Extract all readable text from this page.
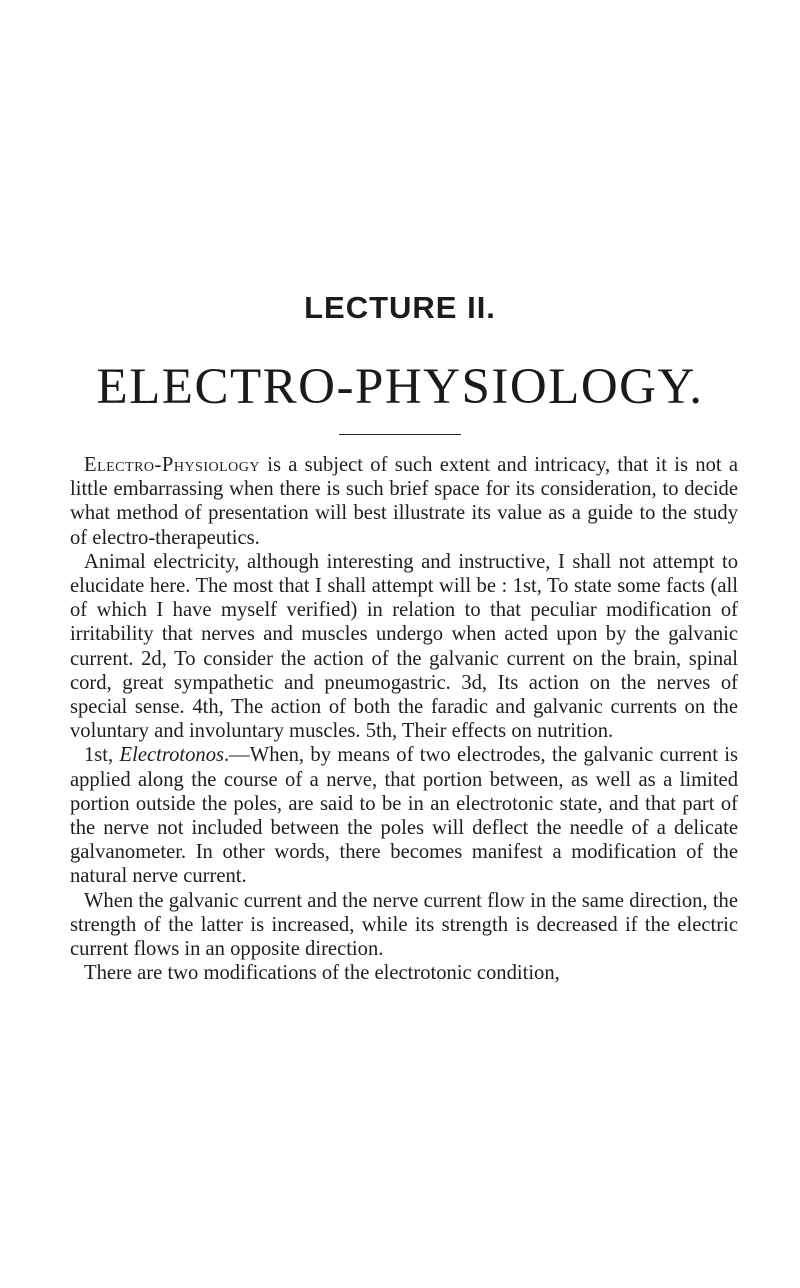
LECTURE II.
ELECTRO-PHYSIOLOGY.

Electro-Physiology is a subject of such extent and intricacy, that it is not a little embarrassing when there is such brief space for its consideration, to decide what method of presentation will best illustrate its value as a guide to the study of electro-therapeutics.

Animal electricity, although interesting and instructive, I shall not attempt to elucidate here. The most that I shall attempt will be : 1st, To state some facts (all of which I have myself verified) in relation to that peculiar modification of irritability that nerves and muscles undergo when acted upon by the galvanic current. 2d, To consider the action of the galvanic current on the brain, spinal cord, great sympathetic and pneumogastric. 3d, Its action on the nerves of special sense. 4th, The action of both the faradic and galvanic currents on the voluntary and involuntary muscles. 5th, Their effects on nutrition.

1st, Electrotonos.—When, by means of two electrodes, the galvanic current is applied along the course of a nerve, that portion between, as well as a limited portion outside the poles, are said to be in an electrotonic state, and that part of the nerve not included between the poles will deflect the needle of a delicate galvanometer. In other words, there becomes manifest a modification of the natural nerve current.

When the galvanic current and the nerve current flow in the same direction, the strength of the latter is increased, while its strength is decreased if the electric current flows in an opposite direction.

There are two modifications of the electrotonic condition,
